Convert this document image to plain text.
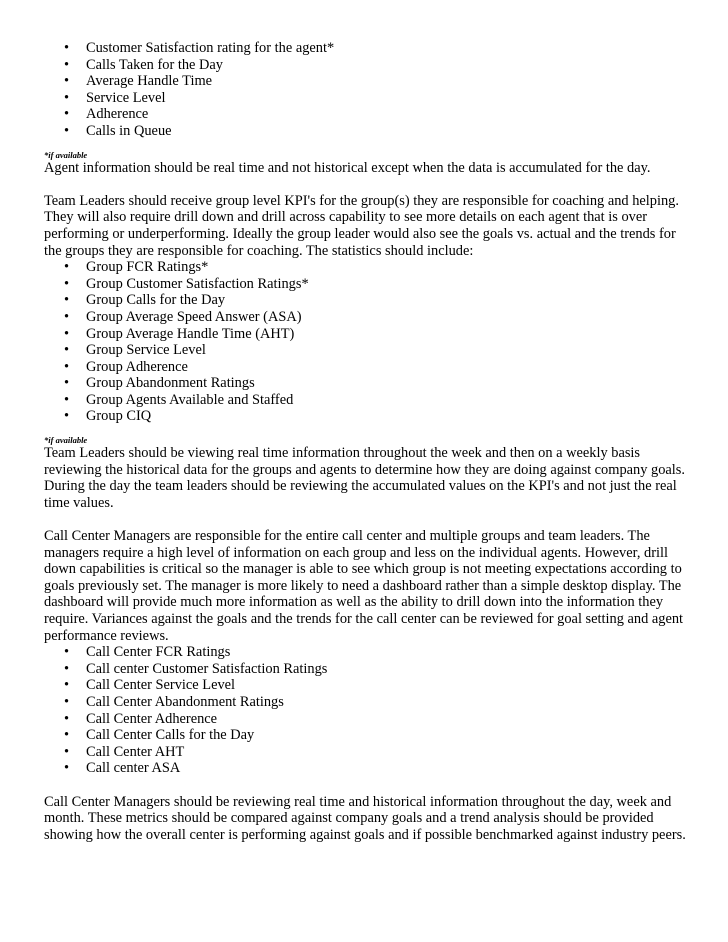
• Customer Satisfaction rating for the agent*
• Calls Taken for the Day
• Average Handle Time
• Service Level
• Adherence
• Calls in Queue
*if available

Agent information should be real time and not historical except when the data is accumulated for the day.

Team Leaders should receive group level KPI's for the group(s) they are responsible for coaching and helping. They will also require drill down and drill across capability to see more details on each agent that is over performing or underperforming. Ideally the group leader would also see the goals vs. actual and the trends for the groups they are responsible for coaching. The statistics should include:

• Group FCR Ratings*
• Group Customer Satisfaction Ratings*
• Group Calls for the Day
• Group Average Speed Answer (ASA)
• Group Average Handle Time (AHT)
• Group Service Level
• Group Adherence
• Group Abandonment Ratings
• Group Agents Available and Staffed
• Group CIQ
*if available

Team Leaders should be viewing real time information throughout the week and then on a weekly basis reviewing the historical data for the groups and agents to determine how they are doing against company goals. During the day the team leaders should be reviewing the accumulated values on the KPI's and not just the real time values.

Call Center Managers are responsible for the entire call center and multiple groups and team leaders. The managers require a high level of information on each group and less on the individual agents. However, drill down capabilities is critical so the manager is able to see which group is not meeting expectations according to goals previously set. The manager is more likely to need a dashboard rather than a simple desktop display. The dashboard will provide much more information as well as the ability to drill down into the information they require. Variances against the goals and the trends for the call center can be reviewed for goal setting and agent performance reviews.

• Call Center FCR Ratings
• Call center Customer Satisfaction Ratings
• Call Center Service Level
• Call Center Abandonment Ratings
• Call Center Adherence
• Call Center Calls for the Day
• Call Center AHT
• Call center ASA

Call Center Managers should be reviewing real time and historical information throughout the day, week and month. These metrics should be compared against company goals and a trend analysis should be provided showing how the overall center is performing against goals and if possible benchmarked against industry peers.
